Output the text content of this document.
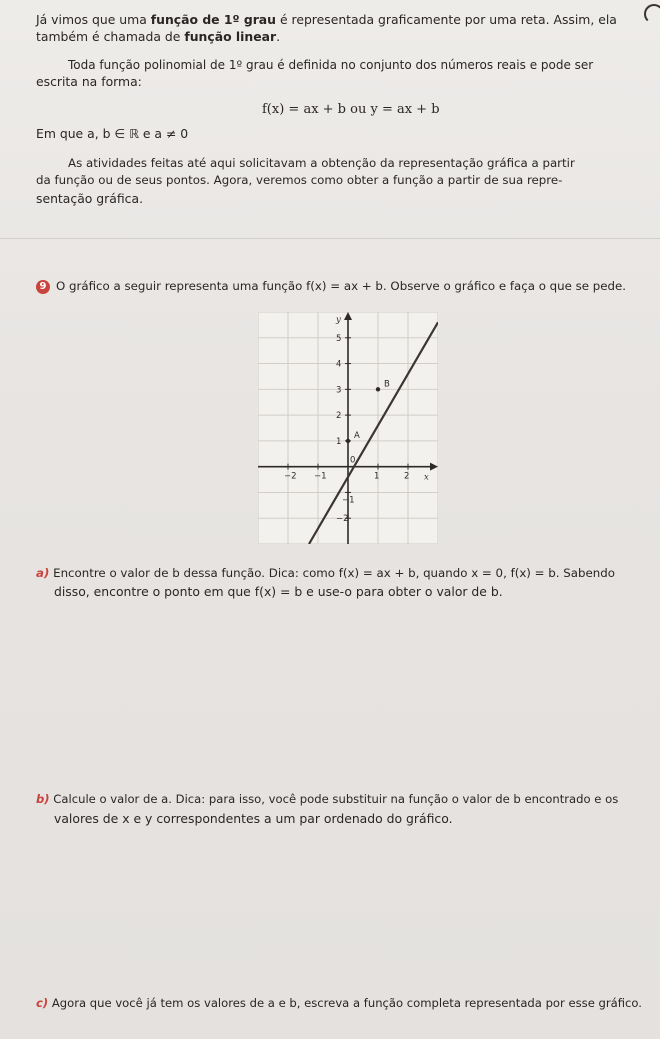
Já vimos que uma função de 1º grau é representada graficamente por uma reta. Assim, ela
também é chamada de função linear.
Toda função polinomial de 1º grau é definida no conjunto dos números reais e pode ser
escrita na forma:
f(x) = ax + b ou y = ax + b
Em que a, b ∈ ℝ e a ≠ 0
As atividades feitas até aqui solicitavam a obtenção da representação gráfica a partir
da função ou de seus pontos. Agora, veremos como obter a função a partir de sua repre-
sentação gráfica.
9 O gráfico a seguir representa uma função f(x) = ax + b. Observe o gráfico e faça o que se pede.
x
y
−2 −1
0
1	2
−2
−1
1
2
3
4
5
A
B
a) Encontre o valor de b dessa função. Dica: como f(x) = ax + b, quando x = 0, f(x) = b. Sabendo
disso, encontre o ponto em que f(x) = b e use-o para obter o valor de b.
b) Calcule o valor de a. Dica: para isso, você pode substituir na função o valor de b encontrado e os
valores de x e y correspondentes a um par ordenado do gráfico.
c) Agora que você já tem os valores de a e b, escreva a função completa representada por esse gráfico.
